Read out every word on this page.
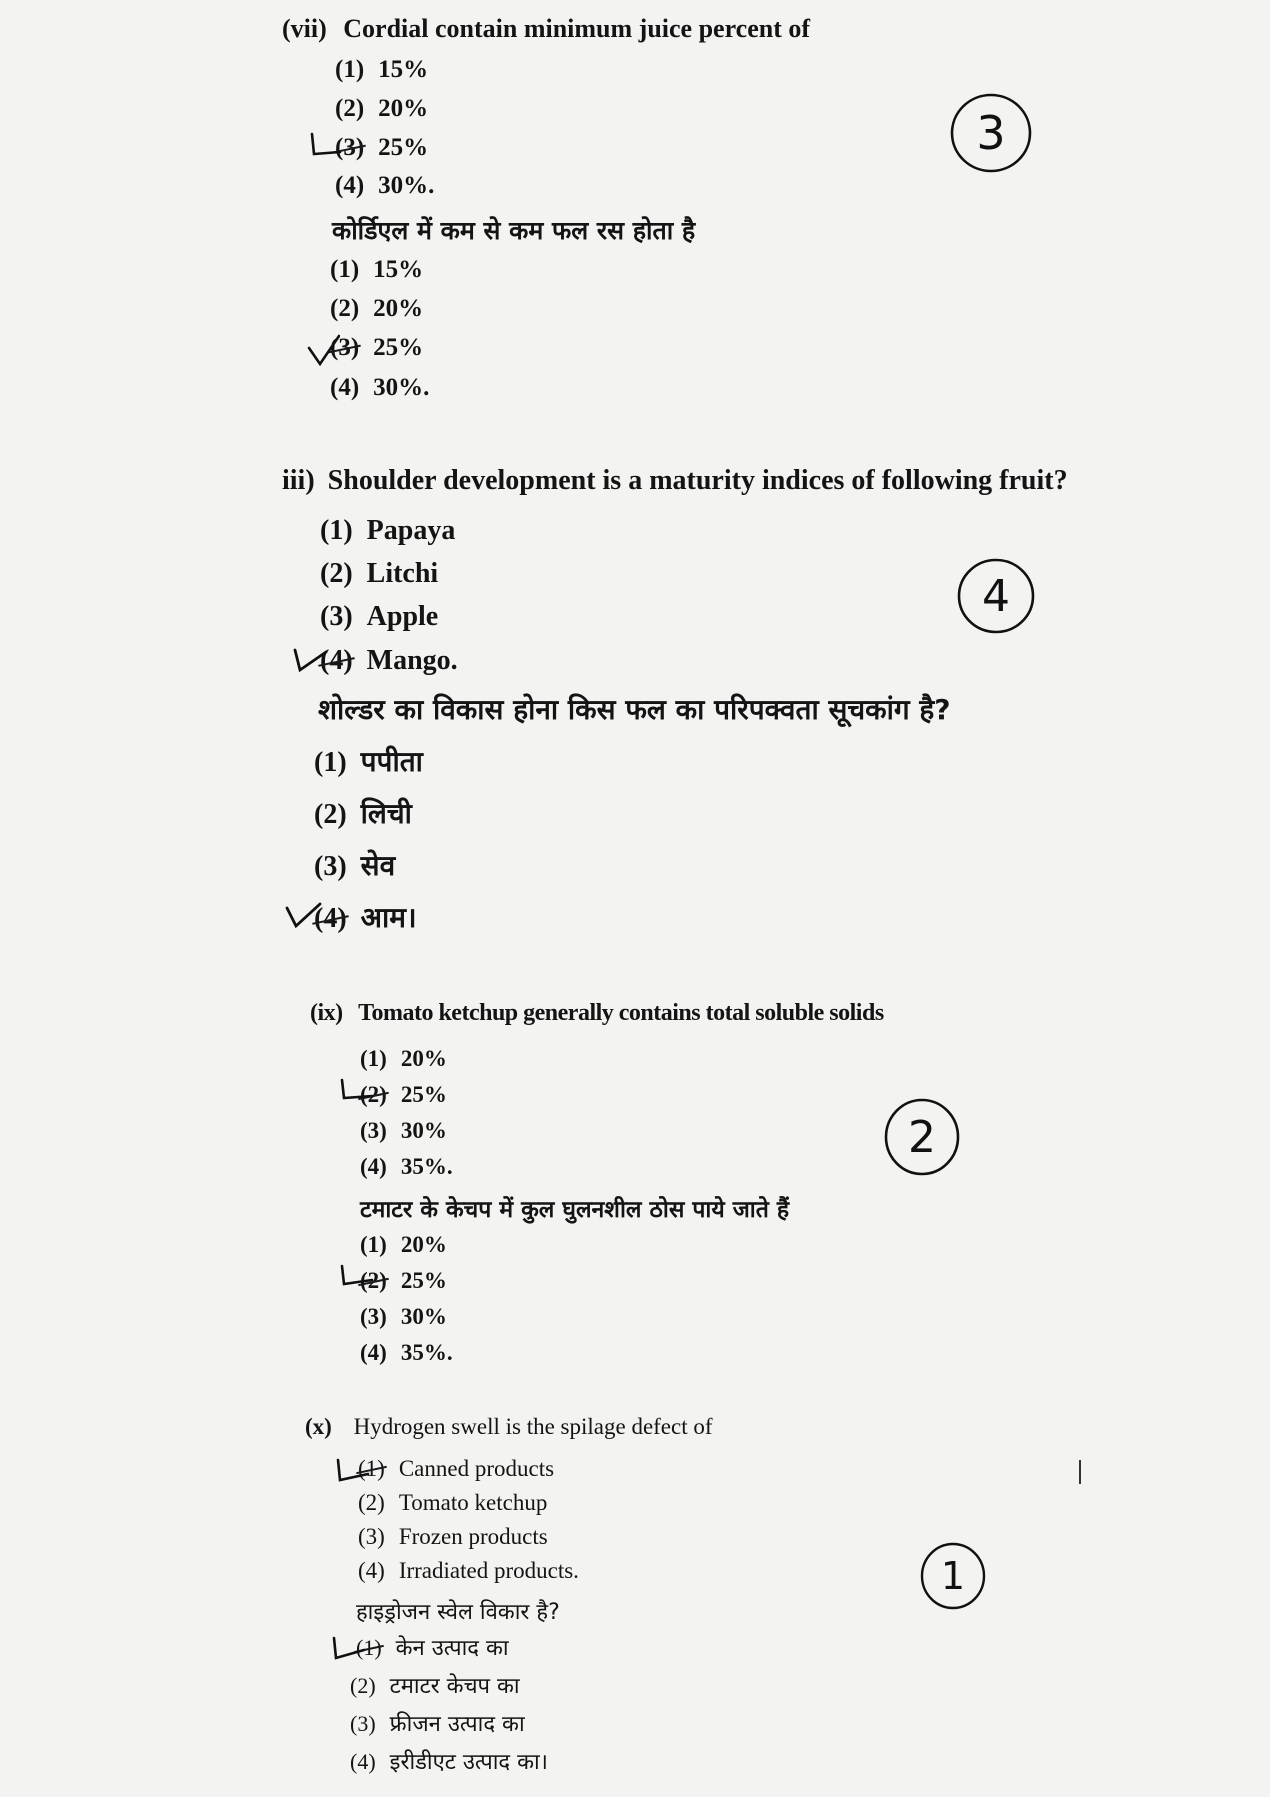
(vii) Cordial contain minimum juice percent of
(1) 15%
(2) 20%
(3) 25%
(4) 30%.
कोर्डिएल में कम से कम फल रस होता है
(1) 15%
(2) 20%
(3) 25%
(4) 30%.
3
iii) Shoulder development is a maturity indices of following fruit?
(1) Papaya
(2) Litchi
(3) Apple
(4) Mango.
शोल्डर का विकास होना किस फल का परिपक्वता सूचकांग है?
(1) पपीता
(2) लिची
(3) सेव
(4) आम।
4
(ix) Tomato ketchup generally contains total soluble solids
(1) 20%
(2) 25%
(3) 30%
(4) 35%.
टमाटर के केचप में कुल घुलनशील ठोस पाये जाते हैं
(1) 20%
(2) 25%
(3) 30%
(4) 35%.
2
(x) Hydrogen swell is the spilage defect of
(1) Canned products
(2) Tomato ketchup
(3) Frozen products
(4) Irradiated products.
हाइड्रोजन स्वेल विकार है?
(1) केन उत्पाद का
(2) टमाटर केचप का
(3) फ्रीजन उत्पाद का
(4) इरीडीएट उत्पाद का।
1
